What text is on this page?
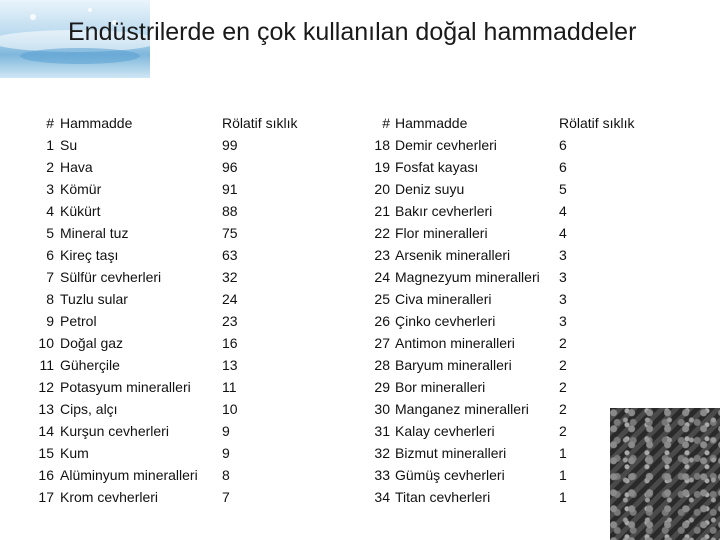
Endüstrilerde en çok kullanılan doğal hammaddeler
# Hammadde	Rölatif sıklık
1 Su	99
2 Hava	96
3 Kömür	91
4 Kükürt	88
5 Mineral tuz	75
6 Kireç taşı	63
7 Sülfür cevherleri	32
8 Tuzlu sular	24
9 Petrol	23
10 Doğal gaz	16
11 Güherçile	13
12 Potasyum mineralleri 11
13 Cips, alçı	10
14 Kurşun cevherleri	9
15 Kum	9
16 Alüminyum mineralleri 8
17 Krom cevherleri	7
# Hammadde	Rölatif sıklık
18 Demir cevherleri	6
19 Fosfat kayası	6
20 Deniz suyu	5
21 Bakır cevherleri	4
22 Flor mineralleri	4
23 Arsenik mineralleri	3
24 Magnezyum mineralleri 3
25 Civa mineralleri	3
26 Çinko cevherleri	3
27 Antimon mineralleri	2
28 Baryum mineralleri	2
29 Bor mineralleri	2
30 Manganez mineralleri 2
31 Kalay cevherleri	2
32 Bizmut mineralleri	1
33 Gümüş cevherleri	1
34 Titan cevherleri	1
